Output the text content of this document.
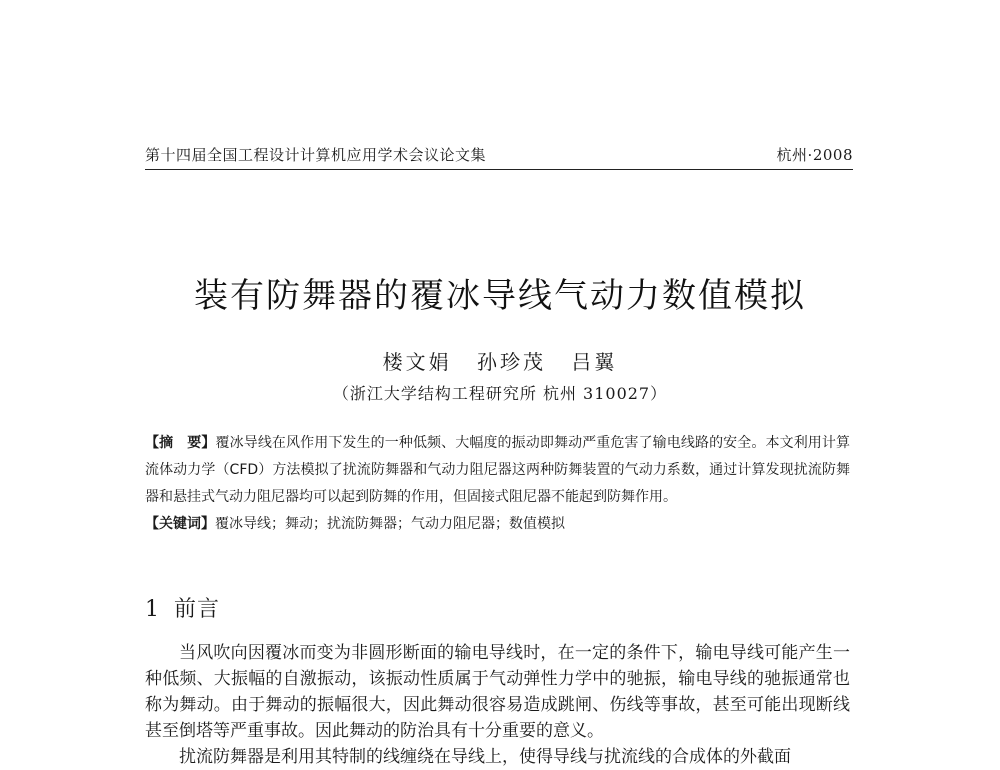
第十四届全国工程设计计算机应用学术会议论文集	杭州·2008
装有防舞器的覆冰导线气动力数值模拟
楼文娟 孙珍茂 吕翼
（浙江大学结构工程研究所 杭州 310027）

【摘　要】覆冰导线在风作用下发生的一种低频、大幅度的振动即舞动严重危害了输电线路的安全。本文利用计算流体动力学（CFD）方法模拟了扰流防舞器和气动力阻尼器这两种防舞装置的气动力系数，通过计算发现扰流防舞器和悬挂式气动力阻尼器均可以起到防舞的作用，但固接式阻尼器不能起到防舞作用。

【关键词】覆冰导线；舞动；扰流防舞器；气动力阻尼器；数值模拟

1 前言

当风吹向因覆冰而变为非圆形断面的输电导线时，在一定的条件下，输电导线可能产生一种低频、大振幅的自激振动，该振动性质属于气动弹性力学中的驰振，输电导线的驰振通常也称为舞动。由于舞动的振幅很大，因此舞动很容易造成跳闸、伤线等事故，甚至可能出现断线甚至倒塔等严重事故。因此舞动的防治具有十分重要的意义。

扰流防舞器是利用其特制的线缠绕在导线上，使得导线与扰流线的合成体的外截面
